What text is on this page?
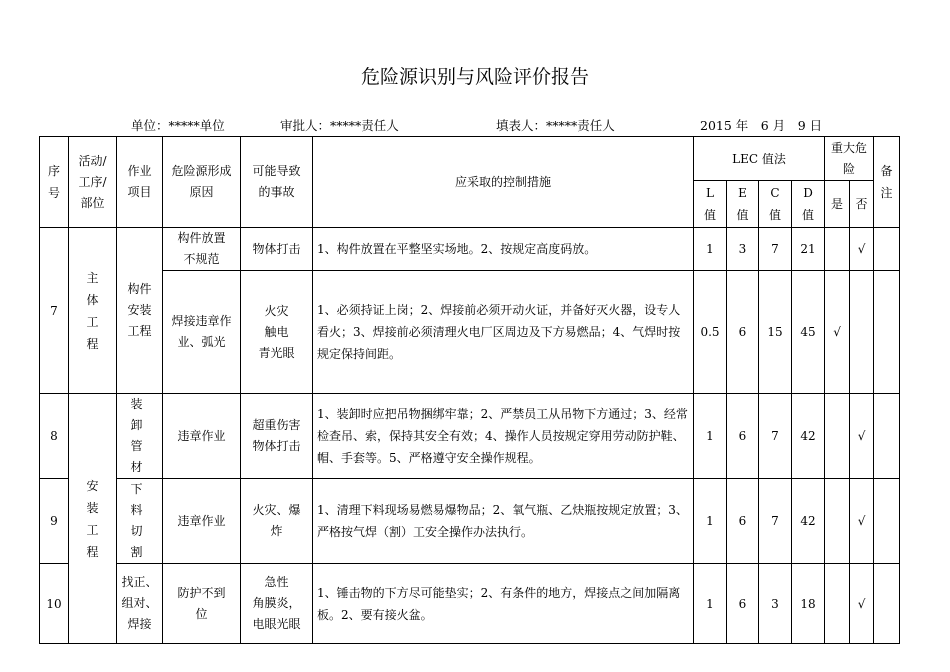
危险源识别与风险评价报告
单位：*****单位	审批人：*****责任人	填表人：*****责任人	2015 年　6 月　9 日
序号	活动/工序/部位	作业项目	危险源形成原因	可能导致的事故	应采取的控制措施	LEC 值法				重大危险		备注
						L值	E值	C值	D值	是	否	
7	主体工程	构件安装工程	构件放置不规范	物体打击	1、构件放置在平整坚实场地。2、按规定高度码放。	1	3	7	21		√	

			焊接违章作业、弧光	火灾
触电
青光眼	1、必须持证上岗；2、焊接前必须开动火证，并备好灭火器，设专人看火；3、焊接前必须清理火电厂区周边及下方易燃品；4、气焊时按规定保持间距。	0.5	6	15	45	√		
8	安装工程	装卸管材	违章作业	超重伤害物体打击	1、装卸时应把吊物捆绑牢靠；2、严禁员工从吊物下方通过；3、经常检查吊、索，保持其安全有效；4、操作人员按规定穿用劳动防护鞋、帽、手套等。5、严格遵守安全操作规程。	1	6	7	42		√	
9		下料切割	违章作业	火灾、爆炸	1、清理下料现场易燃易爆物品；2、氧气瓶、乙炔瓶按规定放置；3、严格按气焊（割）工安全操作办法执行。	1	6	7	42		√	
10		找正、组对、焊接	防护不到位	急性
角膜炎，
电眼光眼	1、锤击物的下方尽可能垫实；2、有条件的地方，焊接点之间加隔离板。2、要有接火盆。	1	6	3	18		√	
